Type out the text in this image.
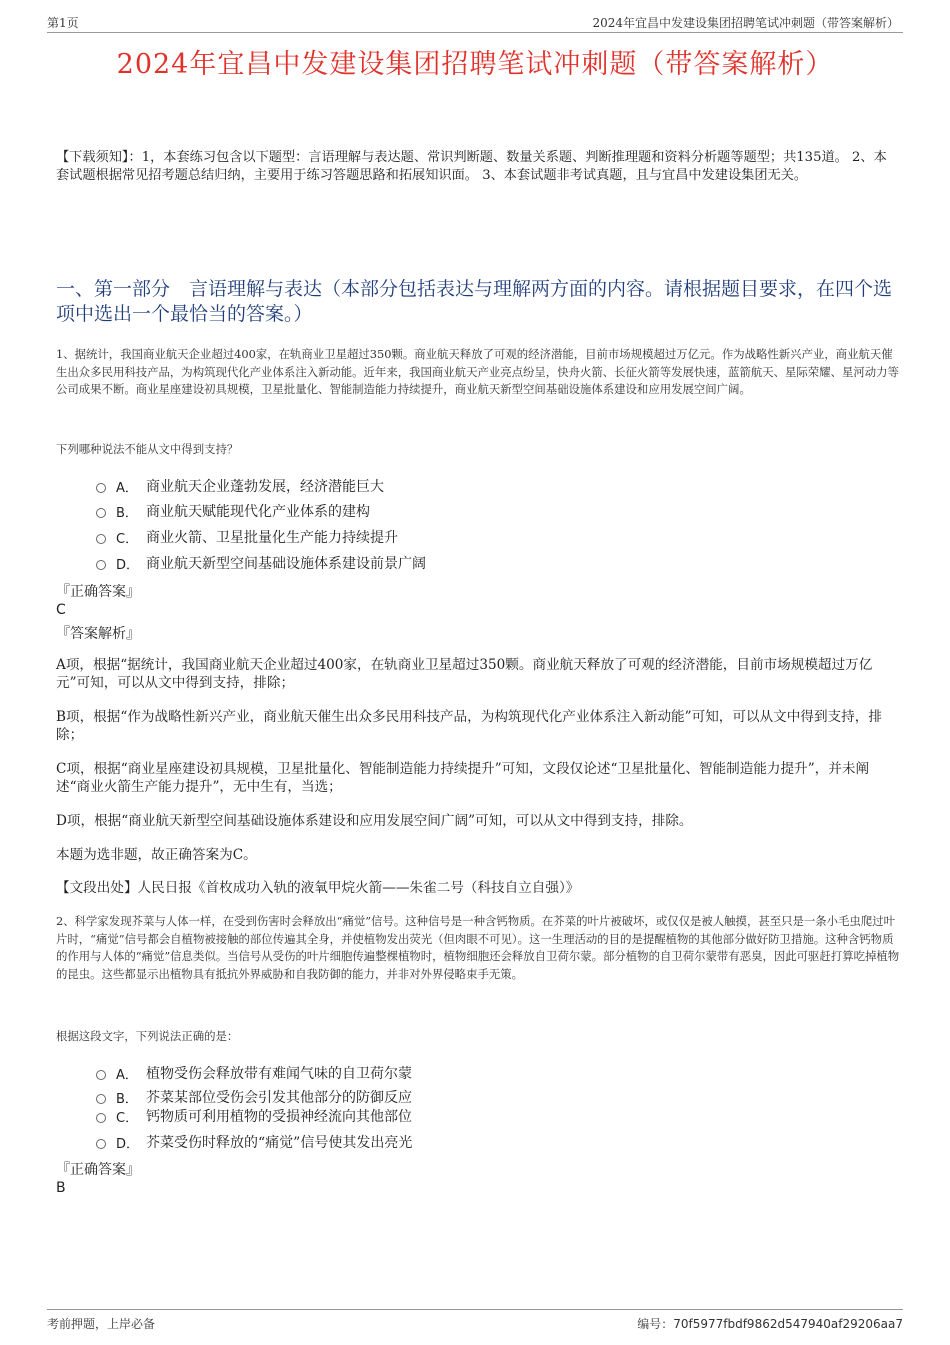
第1页	2024年宜昌中发建设集团招聘笔试冲刺题（带答案解析）
2024年宜昌中发建设集团招聘笔试冲刺题（带答案解析）
【下载须知】：1，本套练习包含以下题型：言语理解与表达题、常识判断题、数量关系题、判断推理题和资料分析题等题型；共135道。 2、本套试题根据常见招考题总结归纳，主要用于练习答题思路和拓展知识面。 3、本套试题非考试真题，且与宜昌中发建设集团无关。
一、第一部分　言语理解与表达（本部分包括表达与理解两方面的内容。请根据题目要求，在四个选项中选出一个最恰当的答案。）
1、据统计，我国商业航天企业超过400家，在轨商业卫星超过350颗。商业航天释放了可观的经济潜能，目前市场规模超过万亿元。作为战略性新兴产业，商业航天催生出众多民用科技产品，为构筑现代化产业体系注入新动能。近年来，我国商业航天产业亮点纷呈，快舟火箭、长征火箭等发展快速，蓝箭航天、星际荣耀、星河动力等公司成果不断。商业星座建设初具规模，卫星批量化、智能制造能力持续提升，商业航天新型空间基础设施体系建设和应用发展空间广阔。
下列哪种说法不能从文中得到支持？
A． 商业航天企业蓬勃发展，经济潜能巨大
B． 商业航天赋能现代化产业体系的建构
C． 商业火箭、卫星批量化生产能力持续提升
D． 商业航天新型空间基础设施体系建设前景广阔
『正确答案』
C
『答案解析』
A项，根据“据统计，我国商业航天企业超过400家，在轨商业卫星超过350颗。商业航天释放了可观的经济潜能，目前市场规模超过万亿元”可知，可以从文中得到支持，排除；
B项，根据“作为战略性新兴产业，商业航天催生出众多民用科技产品，为构筑现代化产业体系注入新动能”可知，可以从文中得到支持，排除；
C项，根据“商业星座建设初具规模，卫星批量化、智能制造能力持续提升”可知，文段仅论述“卫星批量化、智能制造能力提升”，并未阐述“商业火箭生产能力提升”，无中生有，当选；
D项，根据“商业航天新型空间基础设施体系建设和应用发展空间广阔”可知，可以从文中得到支持，排除。
本题为选非题，故正确答案为C。
【文段出处】人民日报《首枚成功入轨的液氧甲烷火箭——朱雀二号（科技自立自强）》
2、科学家发现芥菜与人体一样，在受到伤害时会释放出“痛觉”信号。这种信号是一种含钙物质。在芥菜的叶片被破坏，或仅仅是被人触摸，甚至只是一条小毛虫爬过叶片时，“痛觉”信号都会自植物被接触的部位传遍其全身，并使植物发出荧光（但肉眼不可见）。这一生理活动的目的是提醒植物的其他部分做好防卫措施。这种含钙物质的作用与人体的“痛觉”信息类似。当信号从受伤的叶片细胞传遍整棵植物时，植物细胞还会释放自卫荷尔蒙。部分植物的自卫荷尔蒙带有恶臭，因此可驱赶打算吃掉植物的昆虫。这些都显示出植物具有抵抗外界威胁和自我防御的能力，并非对外界侵略束手无策。
根据这段文字，下列说法正确的是：
A． 植物受伤会释放带有难闻气味的自卫荷尔蒙
B． 芥菜某部位受伤会引发其他部分的防御反应
C． 钙物质可利用植物的受损神经流向其他部位
D． 芥菜受伤时释放的“痛觉”信号使其发出亮光
『正确答案』
B
考前押题，上岸必备	编号：70f5977fbdf9862d547940af29206aa7
